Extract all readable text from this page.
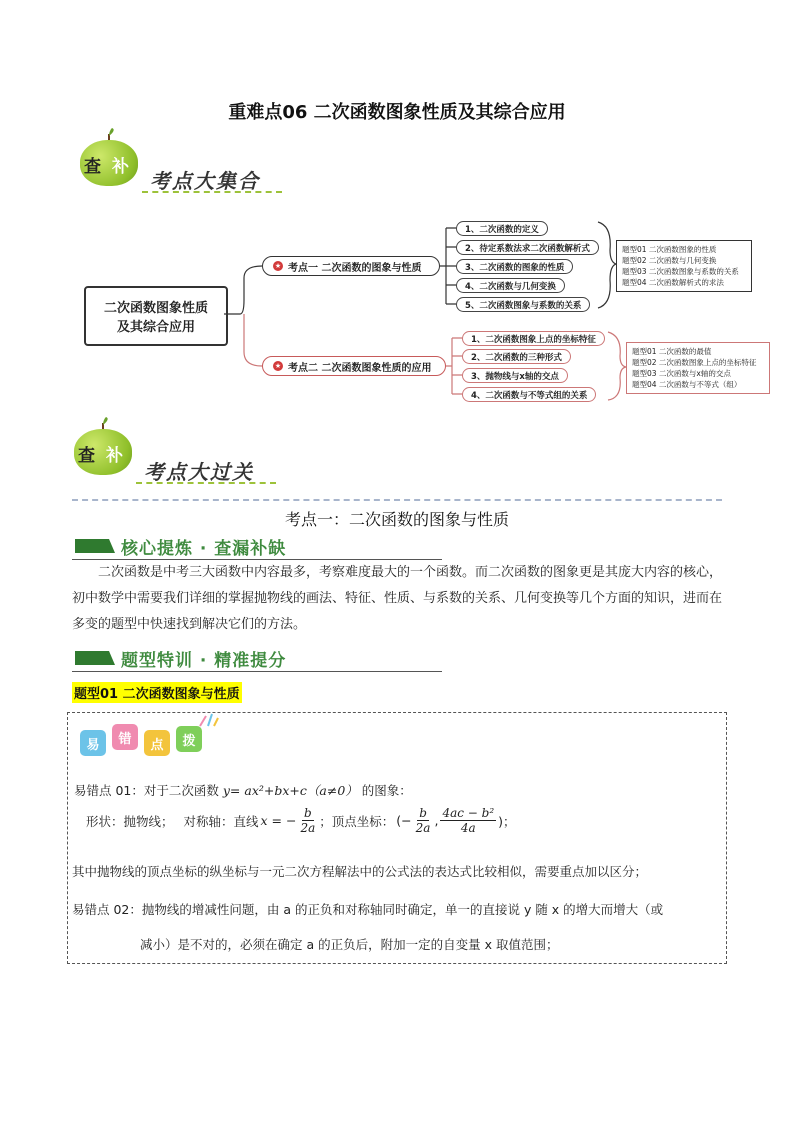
重难点06 二次函数图象性质及其综合应用
查 补
考点大集合
二次函数图象性质
及其综合应用
★ 考点一 二次函数的图象与性质
★ 考点二 二次函数图象性质的应用
1、二次函数的定义
2、待定系数法求二次函数解析式
3、二次函数的图象的性质
4、二次函数与几何变换
5、二次函数图象与系数的关系
1、二次函数图象上点的坐标特征
2、二次函数的三种形式
3、抛物线与x轴的交点
4、二次函数与不等式组的关系
题型01 二次函数图象的性质
题型02 二次函数与几何变换
题型03 二次函数图象与系数的关系
题型04 二次函数解析式的求法
题型01 二次函数的最值
题型02 二次函数图象上点的坐标特征
题型03 二次函数与x轴的交点
题型04 二次函数与不等式（组）
查 补
考点大过关
考点一：二次函数的图象与性质
核心提炼 · 查漏补缺
二次函数是中考三大函数中内容最多，考察难度最大的一个函数。而二次函数的图象更是其庞大内容的核心，初中数学中需要我们详细的掌握抛物线的画法、特征、性质、与系数的关系、几何变换等几个方面的知识，进而在多变的题型中快速找到解决它们的方法。
题型特训 · 精准提分
题型01 二次函数图象与性质
易	错	点	拨
易错点 01：对于二次函数 y= ax²+bx+c（a≠0） 的图象：
形状：抛物线； 对称轴：直线 x = − $\frac{b}{2a}$ ；顶点坐标： (− $\frac{b}{2a}$ , $\frac{\text{4ac − b²}}{4a}$ )；
其中抛物线的顶点坐标的纵坐标与一元二次方程解法中的公式法的表达式比较相似，需要重点加以区分；
易错点 02：抛物线的增减性问题，由 a 的正负和对称轴同时确定，单一的直接说 y 随 x 的增大而增大（或
减小）是不对的，必须在确定 a 的正负后，附加一定的自变量 x 取值范围；
